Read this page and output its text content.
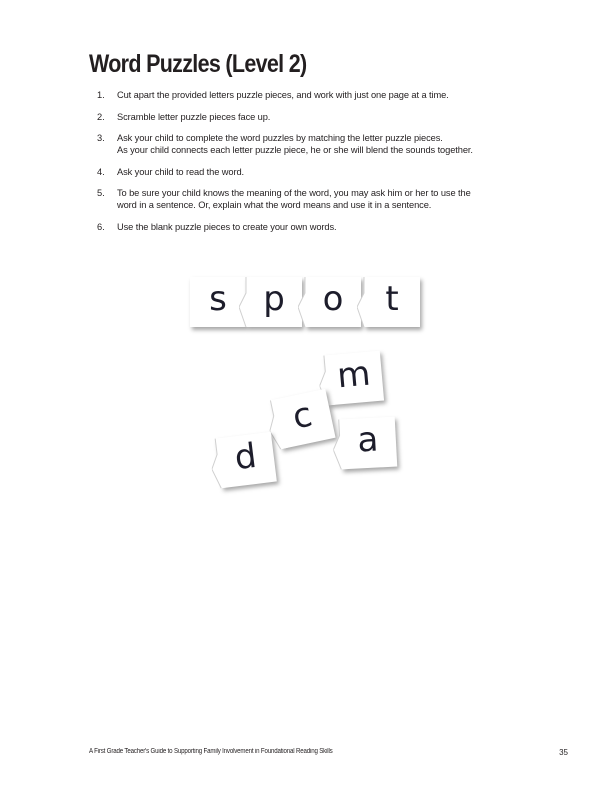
Word Puzzles (Level 2)
1.	Cut apart the provided letters puzzle pieces, and work with just one page at a time.
2.	Scramble letter puzzle pieces face up.
3.	Ask your child to complete the word puzzles by matching the letter puzzle pieces.
As your child connects each letter puzzle piece, he or she will blend the sounds together.
4.	Ask your child to read the word.
5.	To be sure your child knows the meaning of the word, you may ask him or her to use the
word in a sentence. Or, explain what the word means and use it in a sentence.
6.	Use the blank puzzle pieces to create your own words.
s p o t
m
c
d	a
A First Grade Teacher's Guide to Supporting Family Involvement in Foundational Reading Skills	35
